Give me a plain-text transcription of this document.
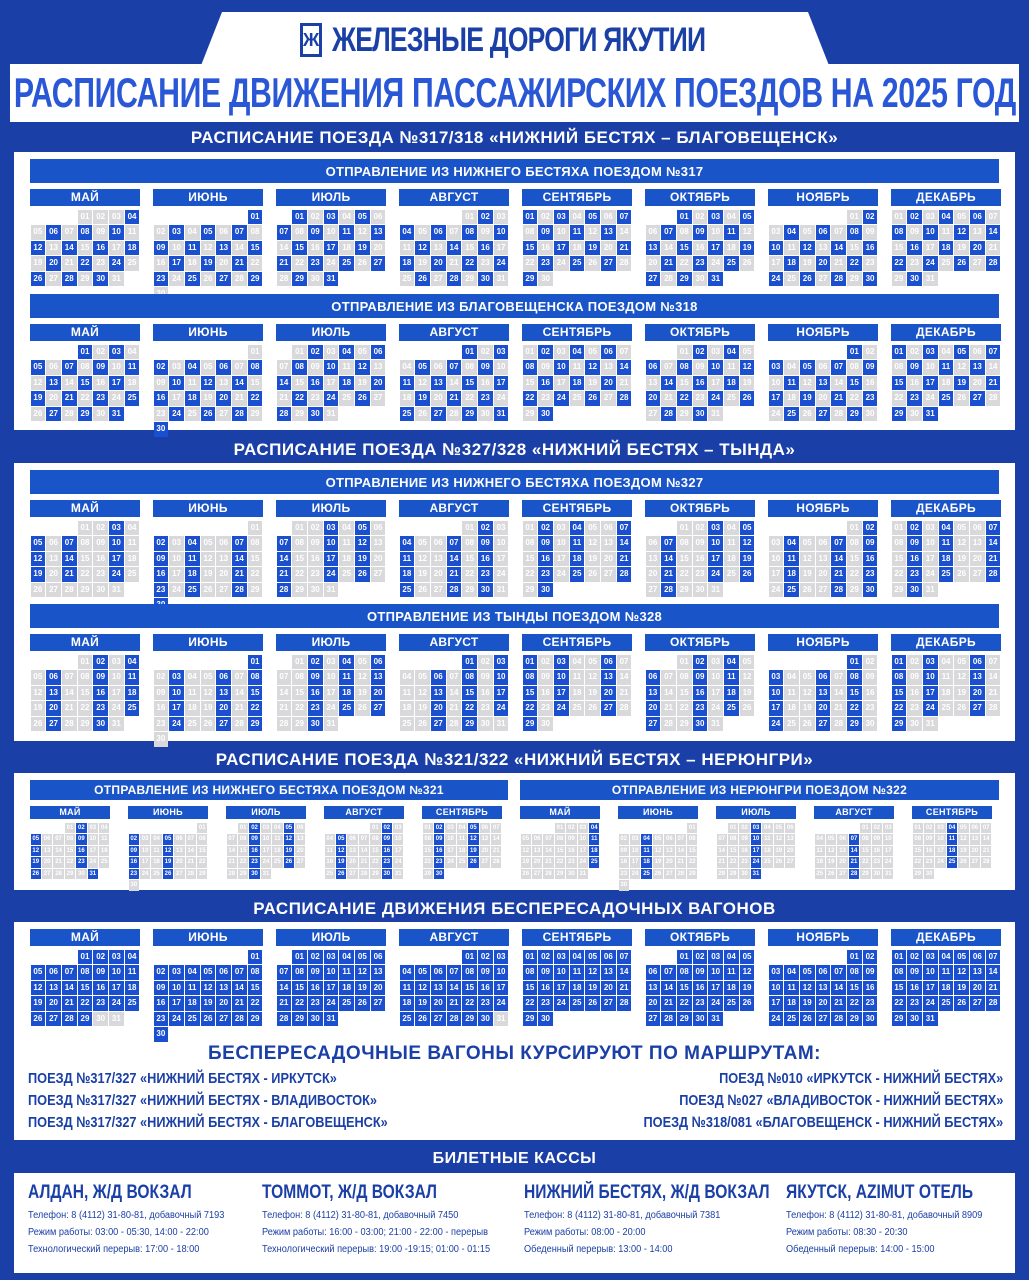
Ж ЖЕЛЕЗНЫЕ ДОРОГИ ЯКУТИИ
РАСПИСАНИЕ ДВИЖЕНИЯ ПАССАЖИРСКИХ ПОЕЗДОВ НА 2025 ГОД
РАСПИСАНИЕ ПОЕЗДА №317/318 «НИЖНИЙ БЕСТЯХ – БЛАГОВЕЩЕНСК»
РАСПИСАНИЕ ПОЕЗДА №327/328 «НИЖНИЙ БЕСТЯХ – ТЫНДА»
РАСПИСАНИЕ ПОЕЗДА №321/322 «НИЖНИЙ БЕСТЯХ – НЕРЮНГРИ»
РАСПИСАНИЕ ДВИЖЕНИЯ БЕСПЕРЕСАДОЧНЫХ ВАГОНОВ
ОТПРАВЛЕНИЕ ИЗ НИЖНЕГО БЕСТЯХА ПОЕЗДОМ №317
МАЙ
01 02 03 04
05 06 07 08 09 10 11
12 13 14 15 16 17 18
19 20 21 22 23 24 25
26 27 28 29 30 31
ИЮНЬ
01
02 03 04 05 06 07 08
09 10 11 12 13 14 15
16 17 18 19 20 21 22
23 24 25 26 27 28 29
ИЮЛЬ
01 02 03 04 05 06
07 08 09 10 11 12 13
14 15 16 17 18 19 20
21 22 23 24 25 26 27
28 29 30 31
АВГУСТ
01 02 03
04 05 06 07 08 09 10
11 12 13 14 15 16 17
18 19 20 21 22 23 24
25 26 27 28 29 30 31
СЕНТЯБРЬ
01 02 03 04 05 06 07
08 09 10 11 12 13 14
15 16 17 18 19 20 21
22 23 24 25 26 27 28
29 30
ОКТЯБРЬ
01 02 03 04 05
06 07 08 09 10 11 12
13 14 15 16 17 18 19
20 21 22 23 24 25 26
27 28 29 30 31
НОЯБРЬ
01 02
03 04 05 06 07 08 09
10 11 12 13 14 15 16
17 18 19 20 21 22 23
24 25 26 27 28 29 30
ДЕКАБРЬ
01 02 03 04 05 06 07
08 09 10 11 12 13 14
15 16 17 18 19 20 21
22 23 24 25 26 27 28
29 30 31
ОТПРАВЛЕНИЕ ИЗ БЛАГОВЕЩЕНСКА ПОЕЗДОМ №318
МАЙ
01 02 03 04
05 06 07 08 09 10 11
12 13 14 15 16 17 18
19 20 21 22 23 24 25
26 27 28 29 30 31
ИЮНЬ
01
02 03 04 05 06 07 08
09 10 11 12 13 14 15
16 17 18 19 20 21 22
23 24 25 26 27 28 29
30
ИЮЛЬ
01 02 03 04 05 06
07 08 09 10 11 12 13
14 15 16 17 18 19 20
21 22 23 24 25 26 27
28 29 30 31
АВГУСТ
01 02 03
04 05 06 07 08 09 10
11 12 13 14 15 16 17
18 19 20 21 22 23 24
25 26 27 28 29 30 31
СЕНТЯБРЬ
01 02 03 04 05 06 07
08 09 10 11 12 13 14
15 16 17 18 19 20 21
22 23 24 25 26 27 28
29 30
ОКТЯБРЬ
01 02 03 04 05
06 07 08 09 10 11 12
13 14 15 16 17 18 19
20 21 22 23 24 25 26
27 28 29 30 31
НОЯБРЬ
01 02
03 04 05 06 07 08 09
10 11 12 13 14 15 16
17 18 19 20 21 22 23
24 25 26 27 28 29 30
ДЕКАБРЬ
01 02 03 04 05 06 07
08 09 10 11 12 13 14
15 16 17 18 19 20 21
22 23 24 25 26 27 28
29 30 31
ОТПРАВЛЕНИЕ ИЗ НИЖНЕГО БЕСТЯХА ПОЕЗДОМ №327
МАЙ
01 02 03 04
05 06 07 08 09 10 11
12 13 14 15 16 17 18
19 20 21 22 23 24 25
26 27 28 29 30 31
ИЮНЬ
01
02 03 04 05 06 07 08
09 10 11 12 13 14 15
16 17 18 19 20 21 22
23 24 25 26 27 28 29
ИЮЛЬ
01 02 03 04 05 06
07 08 09 10 11 12 13
14 15 16 17 18 19 20
21 22 23 24 25 26 27
28 29 30 31
АВГУСТ
01 02 03
04 05 06 07 08 09 10
11 12 13 14 15 16 17
18 19 20 21 22 23 24
25 26 27 28 29 30 31
СЕНТЯБРЬ
01 02 03 04 05 06 07
08 09 10 11 12 13 14
15 16 17 18 19 20 21
22 23 24 25 26 27 28
29 30
ОКТЯБРЬ
01 02 03 04 05
06 07 08 09 10 11 12
13 14 15 16 17 18 19
20 21 22 23 24 25 26
27 28 29 30 31
НОЯБРЬ
01 02
03 04 05 06 07 08 09
10 11 12 13 14 15 16
17 18 19 20 21 22 23
24 25 26 27 28 29 30
ДЕКАБРЬ
01 02 03 04 05 06 07
08 09 10 11 12 13 14
15 16 17 18 19 20 21
22 23 24 25 26 27 28
29 30 31
ОТПРАВЛЕНИЕ ИЗ ТЫНДЫ ПОЕЗДОМ №328
МАЙ
01 02 03 04
05 06 07 08 09 10 11
12 13 14 15 16 17 18
19 20 21 22 23 24 25
26 27 28 29 30 31
ИЮНЬ
01
02 03 04 05 06 07 08
09 10 11 12 13 14 15
16 17 18 19 20 21 22
23 24 25 26 27 28 29
30
ИЮЛЬ
01 02 03 04 05 06
07 08 09 10 11 12 13
14 15 16 17 18 19 20
21 22 23 24 25 26 27
28 29 30 31
АВГУСТ
01 02 03
04 05 06 07 08 09 10
11 12 13 14 15 16 17
18 19 20 21 22 23 24
25 26 27 28 29 30 31
СЕНТЯБРЬ
01 02 03 04 05 06 07
08 09 10 11 12 13 14
15 16 17 18 19 20 21
22 23 24 25 26 27 28
29 30
ОКТЯБРЬ
01 02 03 04 05
06 07 08 09 10 11 12
13 14 15 16 17 18 19
20 21 22 23 24 25 26
27 28 29 30 31
НОЯБРЬ
01 02
03 04 05 06 07 08 09
10 11 12 13 14 15 16
17 18 19 20 21 22 23
24 25 26 27 28 29 30
ДЕКАБРЬ
01 02 03 04 05 06 07
08 09 10 11 12 13 14
15 16 17 18 19 20 21
22 23 24 25 26 27 28
29 30 31
ОТПРАВЛЕНИЕ ИЗ НИЖНЕГО БЕСТЯХА ПОЕЗДОМ №321
МАЙ
01 02 03 04
05 06 07 08 09 10 11
12 13 14 15 16 17 18
19 20 21 22 23 24 25
26 27 28 29 30 31
ИЮНЬ
01
02 03 04 05 06 07 08
09 10 11 12 13 14 15
16 17 18 19 20 21 22
23 24 25 26 27 28 29
30
ИЮЛЬ
01 02 03 04 05 06
07 08 09 10 11 12 13
14 15 16 17 18 19 20
21 22 23 24 25 26 27
28 29 30 31
АВГУСТ
01 02 03
04 05 06 07 08 09 10
11 12 13 14 15 16 17
18 19 20 21 22 23 24
25 26 27 28 29 30 31
СЕНТЯБРЬ
01 02 03 04 05 06 07
08 09 10 11 12 13 14
15 16 17 18 19 20 21
22 23 24 25 26 27 28
29 30
ОТПРАВЛЕНИЕ ИЗ НЕРЮНГРИ ПОЕЗДОМ №322
МАЙ
01 02 03 04
05 06 07 08 09 10 11
12 13 14 15 16 17 18
19 20 21 22 23 24 25
26 27 28 29 30 31
ИЮНЬ
01
02 03 04 05 06 07 08
09 10 11 12 13 14 15
16 17 18 19 20 21 22
23 24 25 26 27 28 29
30
ИЮЛЬ
01 02 03 04 05 06
07 08 09 10 11 12 13
14 15 16 17 18 19 20
21 22 23 24 25 26 27
28 29 30 31
АВГУСТ
01 02 03
04 05 06 07 08 09 10
11 12 13 14 15 16 17
18 19 20 21 22 23 24
25 26 27 28 29 30 31
СЕНТЯБРЬ
01 02 03 04 05 06 07
08 09 10 11 12 13 14
15 16 17 18 19 20 21
22 23 24 25 26 27 28
29 30
МАЙ
01 02 03 04
05 06 07 08 09 10 11
12 13 14 15 16 17 18
19 20 21 22 23 24 25
26 27 28 29 30 31
ИЮНЬ
01
02 03 04 05 06 07 08
09 10 11 12 13 14 15
16 17 18 19 20 21 22
23 24 25 26 27 28 29
30
ИЮЛЬ
01 02 03 04 05 06
07 08 09 10 11 12 13
14 15 16 17 18 19 20
21 22 23 24 25 26 27
28 29 30 31
АВГУСТ
01 02 03
04 05 06 07 08 09 10
11 12 13 14 15 16 17
18 19 20 21 22 23 24
25 26 27 28 29 30 31
СЕНТЯБРЬ
01 02 03 04 05 06 07
08 09 10 11 12 13 14
15 16 17 18 19 20 21
22 23 24 25 26 27 28
29 30
ОКТЯБРЬ
01 02 03 04 05
06 07 08 09 10 11 12
13 14 15 16 17 18 19
20 21 22 23 24 25 26
27 28 29 30 31
НОЯБРЬ
01 02
03 04 05 06 07 08 09
10 11 12 13 14 15 16
17 18 19 20 21 22 23
24 25 26 27 28 29 30
ДЕКАБРЬ
01 02 03 04 05 06 07
08 09 10 11 12 13 14
15 16 17 18 19 20 21
22 23 24 25 26 27 28
29 30 31
БЕСПЕРЕСАДОЧНЫЕ ВАГОНЫ КУРСИРУЮТ ПО МАРШРУТАМ:
ПОЕЗД №317/327 «НИЖНИЙ БЕСТЯХ - ИРКУТСК»
ПОЕЗД №317/327 «НИЖНИЙ БЕСТЯХ - ВЛАДИВОСТОК»
ПОЕЗД №317/327 «НИЖНИЙ БЕСТЯХ - БЛАГОВЕЩЕНСК»
ПОЕЗД №010 «ИРКУТСК - НИЖНИЙ БЕСТЯХ»
ПОЕЗД №027 «ВЛАДИВОСТОК - НИЖНИЙ БЕСТЯХ»
ПОЕЗД №318/081 «БЛАГОВЕЩЕНСК - НИЖНИЙ БЕСТЯХ»
БИЛЕТНЫЕ КАССЫ
АЛДАН, Ж/Д ВОКЗАЛ
Телефон: 8 (4112) 31-80-81, добавочный 7193
Режим работы: 03:00 - 05:30, 14:00 - 22:00
Технологический перерыв: 17:00 - 18:00
ТОММОТ, Ж/Д ВОКЗАЛ
Телефон: 8 (4112) 31-80-81, добавочный 7450
Режим работы: 16:00 - 03:00; 21:00 - 22:00 - перерыв
Технологический перерыв: 19:00 -19:15; 01:00 - 01:15
НИЖНИЙ БЕСТЯХ, Ж/Д ВОКЗАЛ
Телефон: 8 (4112) 31-80-81, добавочный 7381
Режим работы: 08:00 - 20:00
Обеденный перерыв: 13:00 - 14:00
ЯКУТСК, AZIMUT ОТЕЛЬ
Телефон: 8 (4112) 31-80-81, добавочный 8909
Режим работы: 08:30 - 20:30
Обеденный перерыв: 14:00 - 15:00
